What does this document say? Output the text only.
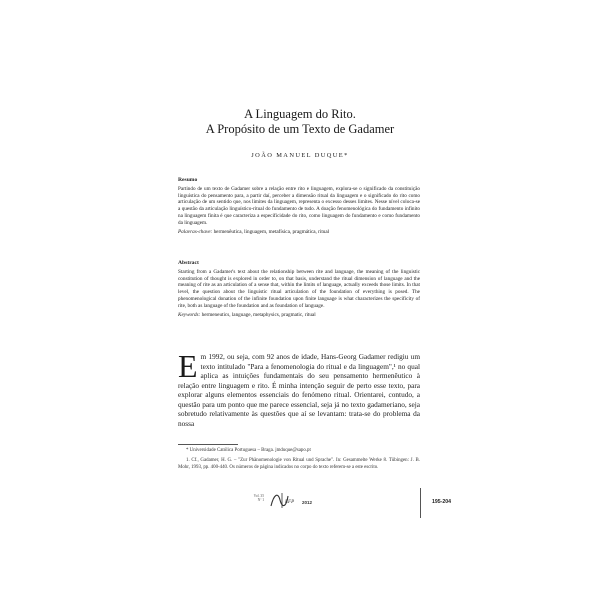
A Linguagem do Rito.
A Propósito de um Texto de Gadamer
JOÃO MANUEL DUQUE*
Resumo

Partindo de um texto de Gadamer sobre a relação entre rito e linguagem, explora-se o significado da constituição linguística do pensamento para, a partir daí, perceber a dimensão ritual da linguagem e o significado do rito como articulação de um sentido que, nos limites da linguagem, representa o excesso desses limites. Nesse nível coloca-se a questão da articulação linguístico-ritual do fundamento de tudo. A doação fenomenológica do fundamento infinito na linguagem finita é que caracteriza a especificidade do rito, como linguagem do fundamento e como fundamento da linguagem.

Palavras-chave: hermenêutica, linguagem, metafísica, pragmática, ritual
Abstract

Starting from a Gadamer's text about the relationship between rite and language, the meaning of the linguistic constitution of thought is explored in order to, on that basis, understand the ritual dimension of language and the meaning of rite as an articulation of a sense that, within the limits of language, actually exceeds those limits. In that level, the question about the linguistic ritual articulation of the foundation of everything is posed. The phenomenological donation of the infinite foundation upon finite language is what characterizes the specificity of rite, both as language of the foundation and as foundation of language.

Keywords: hermeneutics, language, metaphysics, pragmatic, ritual
E m 1992, ou seja, com 92 anos de idade, Hans-Georg Gadamer redigiu um texto intitulado "Para a fenomenologia do ritual e da linguagem",¹ no qual aplica as intuições fundamentais do seu pensamento hermenêutico à relação entre linguagem e rito. É minha intenção seguir de perto esse texto, para explorar alguns elementos essenciais do fenómeno ritual. Orientarei, contudo, a questão para um ponto que me parece essencial, seja já no texto gadameriano, seja sobretudo relativamente às questões que aí se levantam: trata-se do problema da nossa

* Universidade Católica Portuguesa – Braga. jmduque@sapo.pt

1. Cf., Gadamer, H. G. – "Zur Phänomenologie von Ritual und Sprache". In: Gesammelte Werke 8. Tübingen: J. B. Mohr, 1993, pp. 400-440. Os números de página indicados no corpo do texto referem-se a este escrito.

Vol. 35
Nº 1	EFP 2012	195-204
